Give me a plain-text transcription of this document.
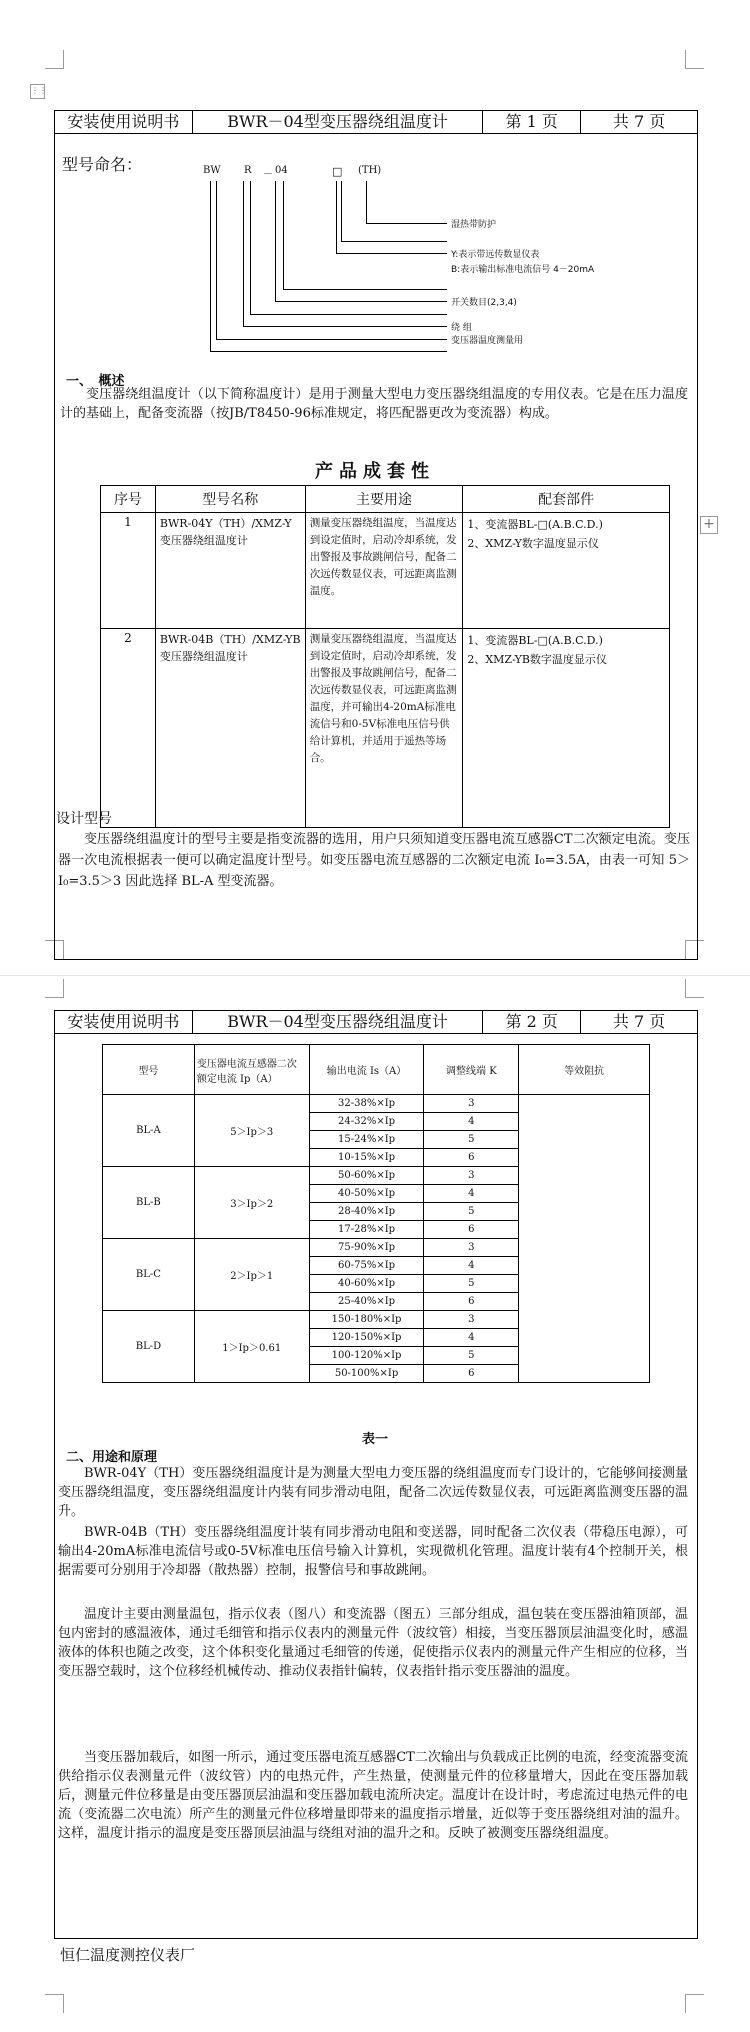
⋮⋮
+
安装使用说明书	BWR－04型变压器绕组温度计	第 1 页	共 7 页
型号命名：	BW R － 04	□ (TH)
湿热带防护
Y:表示带远传数显仪表
B:表示输出标准电流信号 4－20mA
开关数目(2,3,4)
绕 组
变压器温度测量用
一、　概述
变压器绕组温度计（以下简称温度计）是用于测量大型电力变压器绕组温度的专用仪表。它是在压力温度计的基础上，配备变流器（按JB/T8450-96标准规定，将匹配器更改为变流器）构成。
产品成套性
序号	型号名称	主要用途	配套部件
1	BWR-04Y（TH）/XMZ-Y变压器绕组温度计	测量变压器绕组温度，当温度达到设定值时，启动冷却系统，发出警报及事故跳闸信号，配备二次远传数显仪表，可远距离监测温度。	1、变流器BL-□(A.B.C.D.)
2、XMZ-Y数字温度显示仪

2	BWR-04B（TH）/XMZ-YB变压器绕组温度计	测量变压器绕组温度，当温度达到设定值时，启动冷却系统，发出警报及事故跳闸信号，配备二次远传数显仪表，可远距离监测温度，并可输出4-20mA标准电流信号和0-5V标准电压信号供给计算机，并适用于遥热等场合。	1、变流器BL-□(A.B.C.D.)
2、XMZ-YB数字温度显示仪
设计型号
变压器绕组温度计的型号主要是指变流器的选用，用户只须知道变压器电流互感器CT二次额定电流。变压器一次电流根据表一便可以确定温度计型号。如变压器电流互感器的二次额定电流 I₀=3.5A，由表一可知 5＞I₀=3.5＞3 因此选择 BL-A 型变流器。
安装使用说明书	BWR－04型变压器绕组温度计	第 2 页	共 7 页
型号	变压器电流互感器二次额定电流 Ip（A）	输出电流 Is（A）	调整线端 K	等效阻抗
BL-A	5＞Ip＞3	32-38%×Ip	3	
		24-32%×Ip	4	
		15-24%×Ip	5	
		10-15%×Ip	6	
BL-B	3＞Ip＞2	50-60%×Ip	3	
		40-50%×Ip	4	
		28-40%×Ip	5	
		17-28%×Ip	6	
BL-C	2＞Ip＞1	75-90%×Ip	3	
		60-75%×Ip	4	
		40-60%×Ip	5	
		25-40%×Ip	6	
BL-D	1＞Ip＞0.61	150-180%×Ip	3	
		120-150%×Ip	4	
		100-120%×Ip	5	
		50-100%×Ip	6	
表一
二、用途和原理
BWR-04Y（TH）变压器绕组温度计是为测量大型电力变压器的绕组温度而专门设计的，它能够间接测量变压器绕组温度，变压器绕组温度计内装有同步滑动电阻，配备二次远传数显仪表，可远距离监测变压器的温升。
BWR-04B（TH）变压器绕组温度计装有同步滑动电阻和变送器，同时配备二次仪表（带稳压电源），可输出4-20mA标准电流信号或0-5V标准电压信号输入计算机，实现微机化管理。温度计装有4个控制开关，根据需要可分别用于冷却器（散热器）控制，报警信号和事故跳闸。
温度计主要由测量温包，指示仪表（图八）和变流器（图五）三部分组成，温包装在变压器油箱顶部，温包内密封的感温液体，通过毛细管和指示仪表内的测量元件（波纹管）相接，当变压器顶层油温变化时，感温液体的体积也随之改变，这个体积变化量通过毛细管的传递，促使指示仪表内的测量元件产生相应的位移，当变压器空载时，这个位移经机械传动、推动仪表指针偏转，仪表指针指示变压器油的温度。
当变压器加载后，如图一所示，通过变压器电流互感器CT二次输出与负载成正比例的电流，经变流器变流供给指示仪表测量元件（波纹管）内的电热元件，产生热量，使测量元件的位移量增大，因此在变压器加载后，测量元件位移量是由变压器顶层油温和变压器加载电流所决定。温度计在设计时，考虑流过电热元件的电流（变流器二次电流）所产生的测量元件位移增量即带来的温度指示增量，近似等于变压器绕组对油的温升。这样，温度计指示的温度是变压器顶层油温与绕组对油的温升之和。反映了被测变压器绕组温度。
恒仁温度测控仪表厂
